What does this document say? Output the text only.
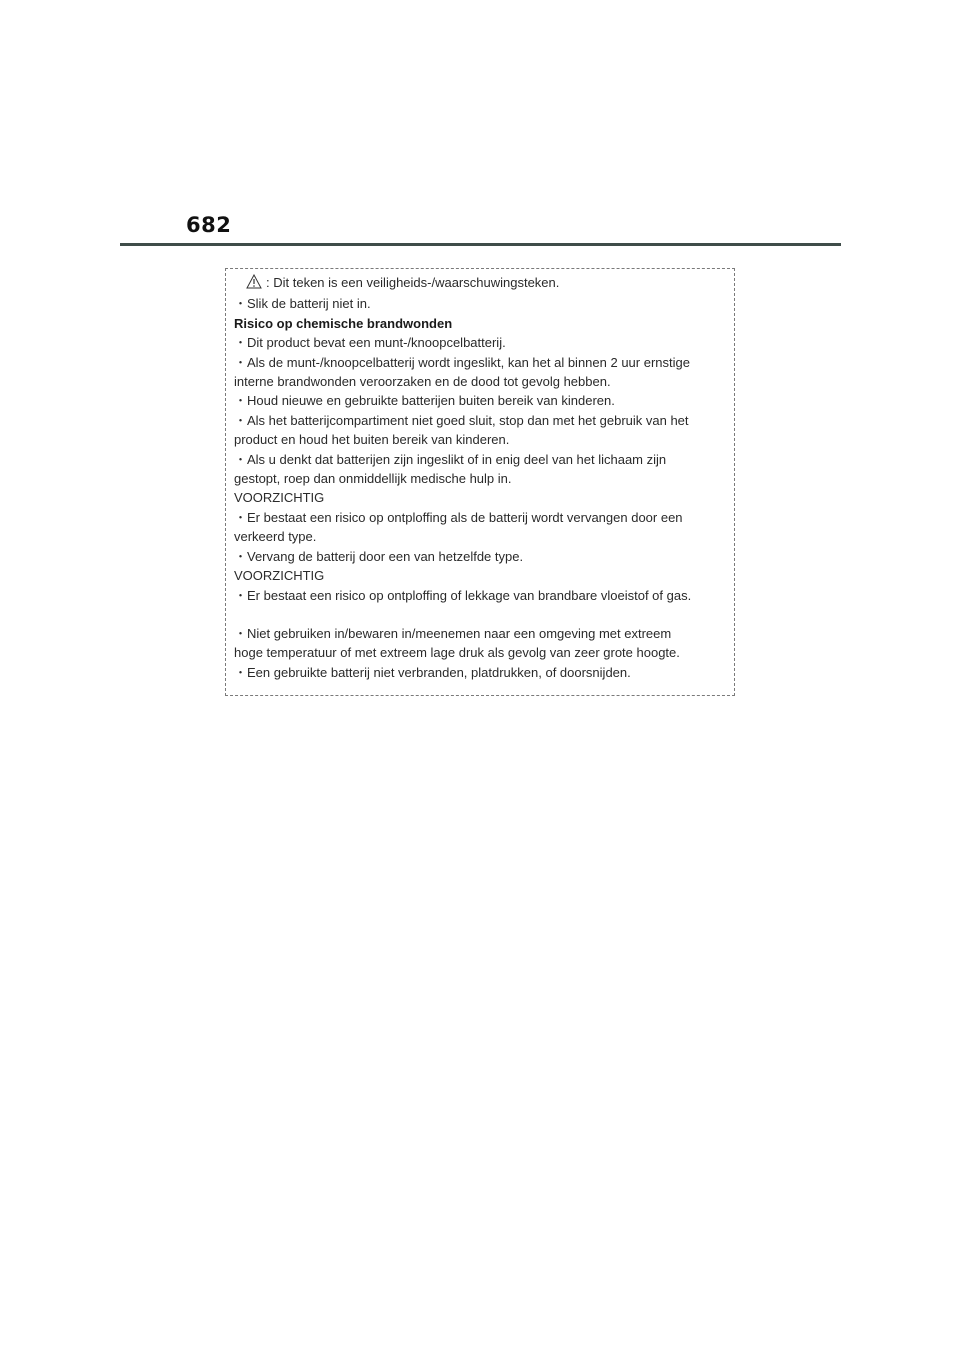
682
: Dit teken is een veiligheids-/waarschuwingsteken.
・Slik de batterij niet in.
Risico op chemische brandwonden
・Dit product bevat een munt-/knoopcelbatterij.
・Als de munt-/knoopcelbatterij wordt ingeslikt, kan het al binnen 2 uur ernstige
interne brandwonden veroorzaken en de dood tot gevolg hebben.
・Houd nieuwe en gebruikte batterijen buiten bereik van kinderen.
・Als het batterijcompartiment niet goed sluit, stop dan met het gebruik van het
product en houd het buiten bereik van kinderen.
・Als u denkt dat batterijen zijn ingeslikt of in enig deel van het lichaam zijn
gestopt, roep dan onmiddellijk medische hulp in.
VOORZICHTIG
・Er bestaat een risico op ontploffing als de batterij wordt vervangen door een
verkeerd type.
・Vervang de batterij door een van hetzelfde type.
VOORZICHTIG
・Er bestaat een risico op ontploffing of lekkage van brandbare vloeistof of gas.
・Niet gebruiken in/bewaren in/meenemen naar een omgeving met extreem
hoge temperatuur of met extreem lage druk als gevolg van zeer grote hoogte.
・Een gebruikte batterij niet verbranden, platdrukken, of doorsnijden.
